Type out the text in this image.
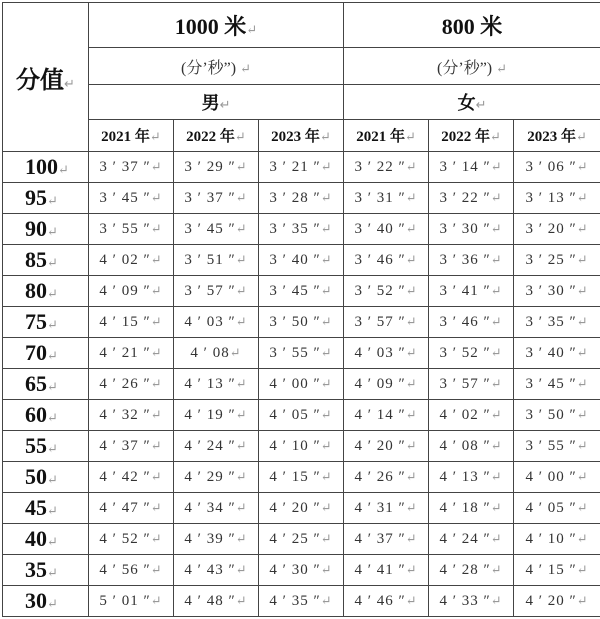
分值↵	1000 米↵			800 米		
	(分’秒”) ↵			(分’秒”) ↵		
	男↵			女↵		
	2021 年↵	2022 年↵	2023 年↵	2021 年↵	2022 年↵	2023 年↵
100↵	3 ′ 37 ″↵	3 ′ 29 ″↵	3 ′ 21 ″↵	3 ′ 22 ″↵	3 ′ 14 ″↵	3 ′ 06 ″↵
95↵	3 ′ 45 ″↵	3 ′ 37 ″↵	3 ′ 28 ″↵	3 ′ 31 ″↵	3 ′ 22 ″↵	3 ′ 13 ″↵
90↵	3 ′ 55 ″↵	3 ′ 45 ″↵	3 ′ 35 ″↵	3 ′ 40 ″↵	3 ′ 30 ″↵	3 ′ 20 ″↵
85↵	4 ′ 02 ″↵	3 ′ 51 ″↵	3 ′ 40 ″↵	3 ′ 46 ″↵	3 ′ 36 ″↵	3 ′ 25 ″↵
80↵	4 ′ 09 ″↵	3 ′ 57 ″↵	3 ′ 45 ″↵	3 ′ 52 ″↵	3 ′ 41 ″↵	3 ′ 30 ″↵
75↵	4 ′ 15 ″↵	4 ′ 03 ″↵	3 ′ 50 ″↵	3 ′ 57 ″↵	3 ′ 46 ″↵	3 ′ 35 ″↵
70↵	4 ′ 21 ″↵	4 ′ 08↵	3 ′ 55 ″↵	4 ′ 03 ″↵	3 ′ 52 ″↵	3 ′ 40 ″↵
65↵	4 ′ 26 ″↵	4 ′ 13 ″↵	4 ′ 00 ″↵	4 ′ 09 ″↵	3 ′ 57 ″↵	3 ′ 45 ″↵
60↵	4 ′ 32 ″↵	4 ′ 19 ″↵	4 ′ 05 ″↵	4 ′ 14 ″↵	4 ′ 02 ″↵	3 ′ 50 ″↵
55↵	4 ′ 37 ″↵	4 ′ 24 ″↵	4 ′ 10 ″↵	4 ′ 20 ″↵	4 ′ 08 ″↵	3 ′ 55 ″↵
50↵	4 ′ 42 ″↵	4 ′ 29 ″↵	4 ′ 15 ″↵	4 ′ 26 ″↵	4 ′ 13 ″↵	4 ′ 00 ″↵
45↵	4 ′ 47 ″↵	4 ′ 34 ″↵	4 ′ 20 ″↵	4 ′ 31 ″↵	4 ′ 18 ″↵	4 ′ 05 ″↵
40↵	4 ′ 52 ″↵	4 ′ 39 ″↵	4 ′ 25 ″↵	4 ′ 37 ″↵	4 ′ 24 ″↵	4 ′ 10 ″↵
35↵	4 ′ 56 ″↵	4 ′ 43 ″↵	4 ′ 30 ″↵	4 ′ 41 ″↵	4 ′ 28 ″↵	4 ′ 15 ″↵
30↵	5 ′ 01 ″↵	4 ′ 48 ″↵	4 ′ 35 ″↵	4 ′ 46 ″↵	4 ′ 33 ″↵	4 ′ 20 ″↵
